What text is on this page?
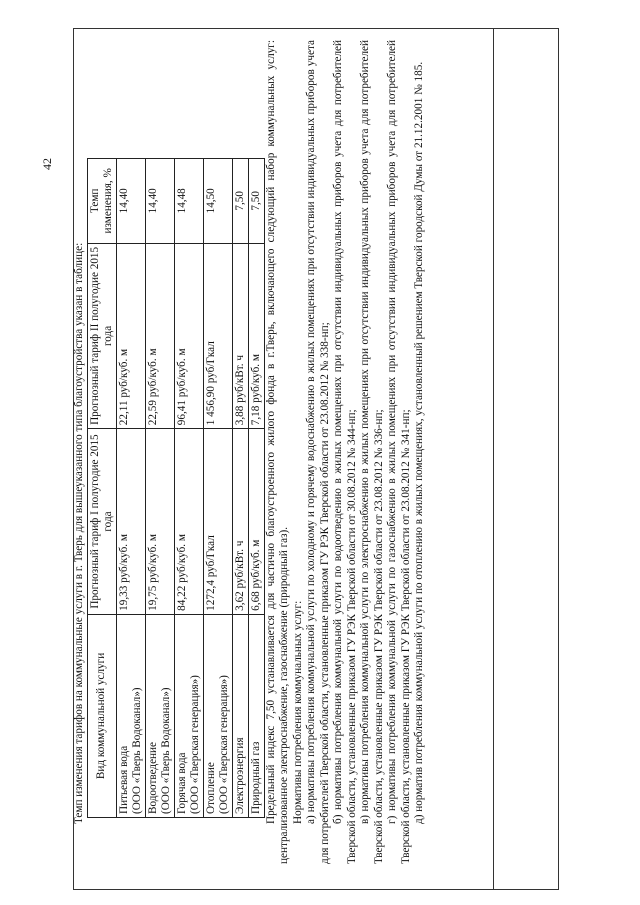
42

Темп изменения тарифов на коммунальные услуги в г. Тверь для вышеуказанного типа благоустройства указан в таблице: Вид коммунальной услуги	Прогнозный тариф I полугодие 2015 года	Прогнозный тариф II полугодие 2015 года	Темп изменения, %
Питьевая вода
(ООО «Тверь Водоканал»)	19,33 руб/куб. м	22,11 руб/куб. м	14,40
Водоотведение
(ООО «Тверь Водоканал»)	19,75 руб/куб. м	22,59 руб/куб. м	14,40
Горячая вода
(ООО «Тверская генерация»)	84,22 руб/куб. м	96,41 руб/куб. м	14,48
Отопление
(ООО «Тверская генерация»)	1272,4 руб/Гкал	1 456,90 руб/Гкал	14,50
Электроэнергия	3,62 руб/кВт. ч	3,88 руб/кВт. ч	7,50
Природный газ	6,68 руб/куб. м	7,18 руб/куб. м	7,50 Предельный индекс 7,50 устанавливается для частично благоустроенного жилого фонда в г.Тверь, включающего следующий набор коммунальных услуг: централизованное электроснабжение, газоснабжение (природный газ). Нормативы потребления коммунальных услуг: а) нормативы потребления коммунальной услуги по холодному и горячему водоснабжению в жилых помещениях при отсутствии индивидуальных приборов учета для потребителей Тверской области, установленные приказом ГУ РЭК Тверской области от 23.08.2012 № 338-нп; б) нормативы потребления коммунальной услуги по водоотведению в жилых помещениях при отсутствии индивидуальных приборов учета для потребителей Тверской области, установленные приказом ГУ РЭК Тверской области от 30.08.2012 № 344-нп; в) нормативы потребления коммунальной услуги по электроснабжению в жилых помещениях при отсутствии индивидуальных приборов учета для потребителей Тверской области, установленные приказом ГУ РЭК Тверской области от 23.08.2012 № 336-нп; г) нормативы потребления коммунальной услуги по газоснабжению в жилых помещениях при отсутствии индивидуальных приборов учета для потребителей Тверской области, установленные приказом ГУ РЭК Тверской области от 23.08.2012 № 341-нп; д) норматив потребления коммунальной услуги по отоплению в жилых помещениях, установленный решением Тверской городской Думы от 21.12.2001 № 185.
